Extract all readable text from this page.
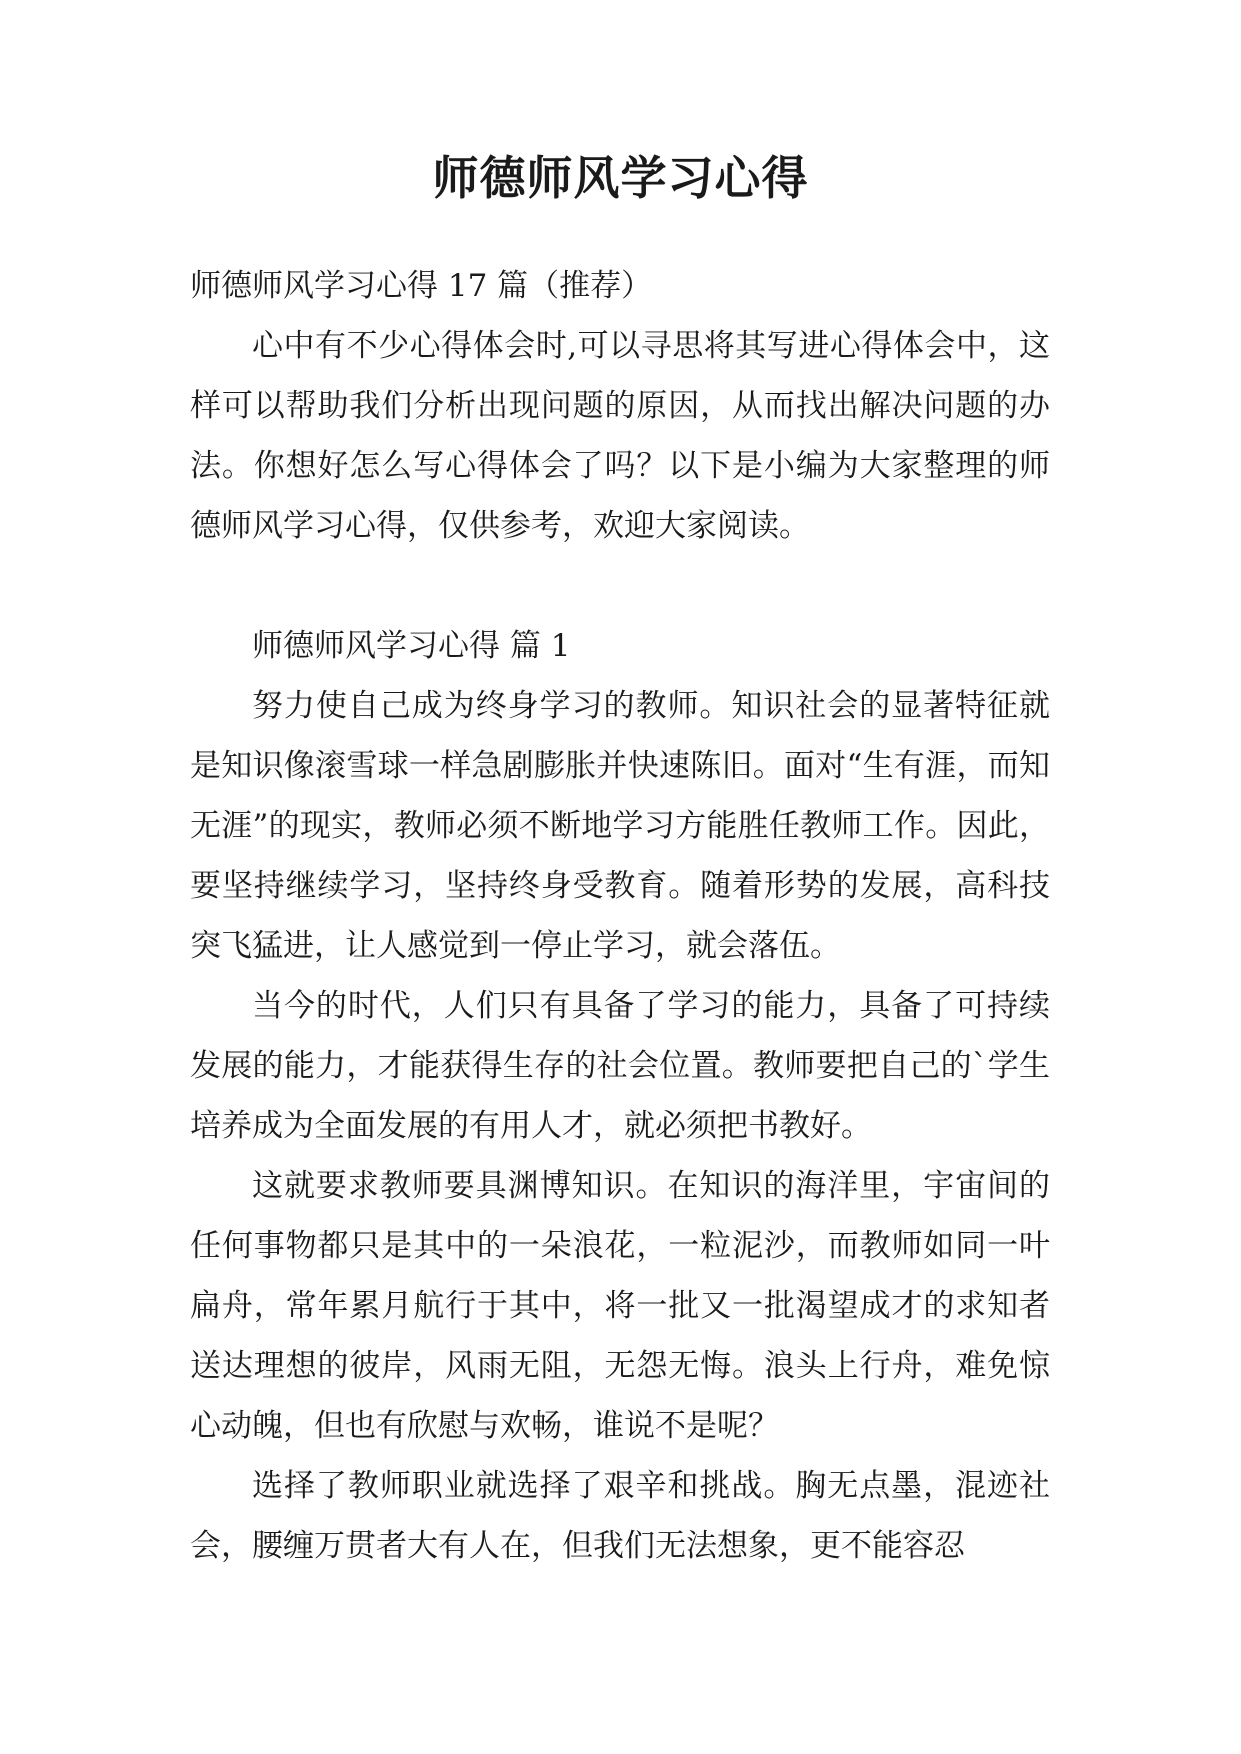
师德师风学习心得

师德师风学习心得 17 篇（推荐）

心中有不少心得体会时,可以寻思将其写进心得体会中，这样可以帮助我们分析出现问题的原因，从而找出解决问题的办法。你想好怎么写心得体会了吗？以下是小编为大家整理的师德师风学习心得，仅供参考，欢迎大家阅读。

师德师风学习心得 篇 1

努力使自己成为终身学习的教师。知识社会的显著特征就是知识像滚雪球一样急剧膨胀并快速陈旧。面对“生有涯，而知无涯”的现实，教师必须不断地学习方能胜任教师工作。因此，要坚持继续学习，坚持终身受教育。随着形势的发展，高科技突飞猛进，让人感觉到一停止学习，就会落伍。

当今的时代，人们只有具备了学习的能力，具备了可持续发展的能力，才能获得生存的社会位置。教师要把自己的`学生培养成为全面发展的有用人才，就必须把书教好。

这就要求教师要具渊博知识。在知识的海洋里，宇宙间的任何事物都只是其中的一朵浪花，一粒泥沙，而教师如同一叶扁舟，常年累月航行于其中，将一批又一批渴望成才的求知者送达理想的彼岸，风雨无阻，无怨无悔。浪头上行舟，难免惊心动魄，但也有欣慰与欢畅，谁说不是呢？

选择了教师职业就选择了艰辛和挑战。胸无点墨，混迹社会，腰缠万贯者大有人在，但我们无法想象，更不能容忍
